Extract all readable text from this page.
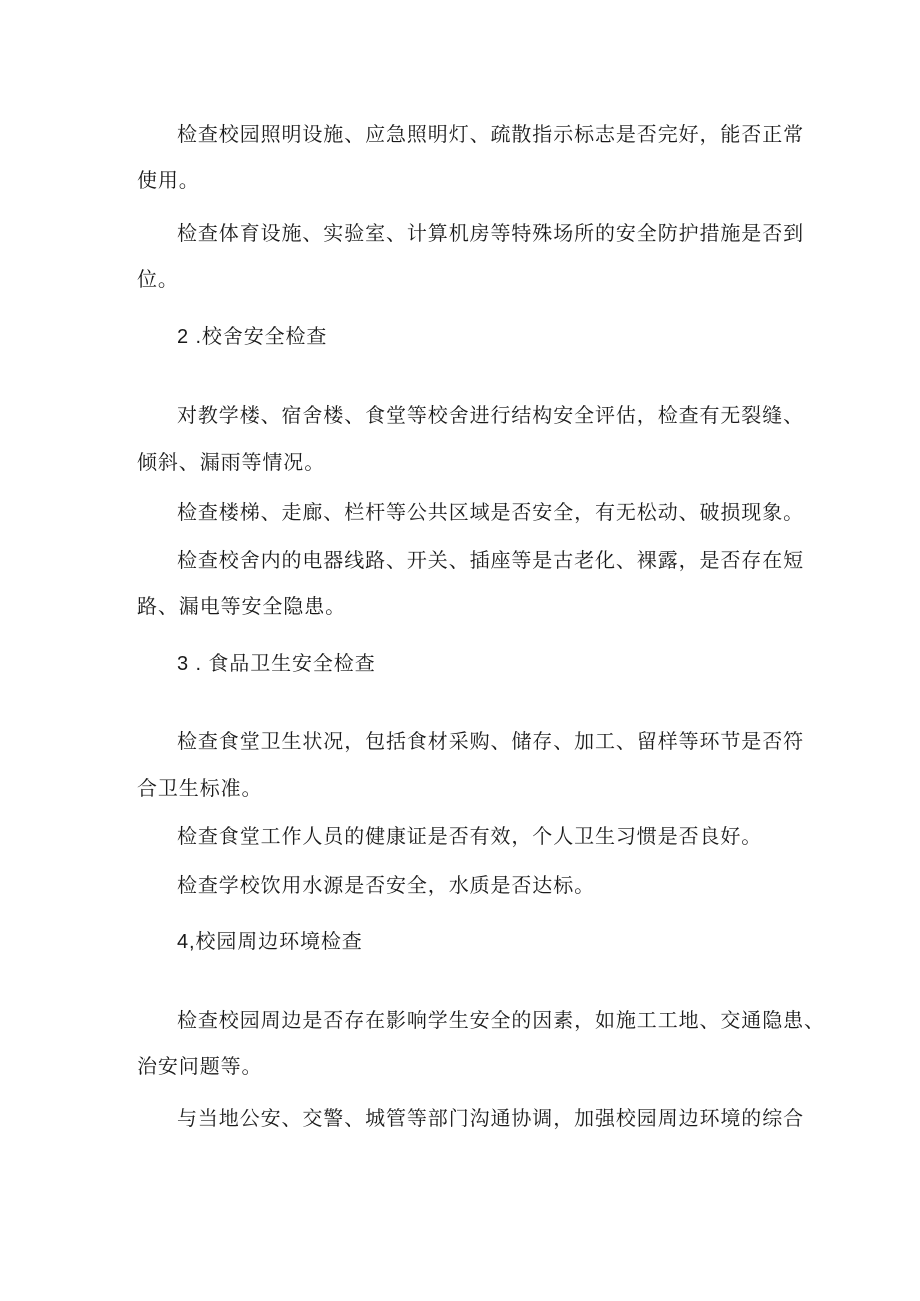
检查校园照明设施、应急照明灯、疏散指示标志是否完好，能否正常
使用。
检查体育设施、实验室、计算机房等特殊场所的安全防护措施是否到
位。
2 .校舍安全检查
对教学楼、宿舍楼、食堂等校舍进行结构安全评估，检查有无裂缝、
倾斜、漏雨等情况。
检查楼梯、走廊、栏杆等公共区域是否安全，有无松动、破损现象。
检查校舍内的电器线路、开关、插座等是古老化、裸露，是否存在短
路、漏电等安全隐患。
3 . 食品卫生安全检查
检查食堂卫生状况，包括食材采购、储存、加工、留样等环节是否符
合卫生标准。
检查食堂工作人员的健康证是否有效，个人卫生习惯是否良好。
检查学校饮用水源是否安全，水质是否达标。
4,校园周边环境检查
检查校园周边是否存在影响学生安全的因素，如施工工地、交通隐患、
治安问题等。
与当地公安、交警、城管等部门沟通协调，加强校园周边环境的综合
